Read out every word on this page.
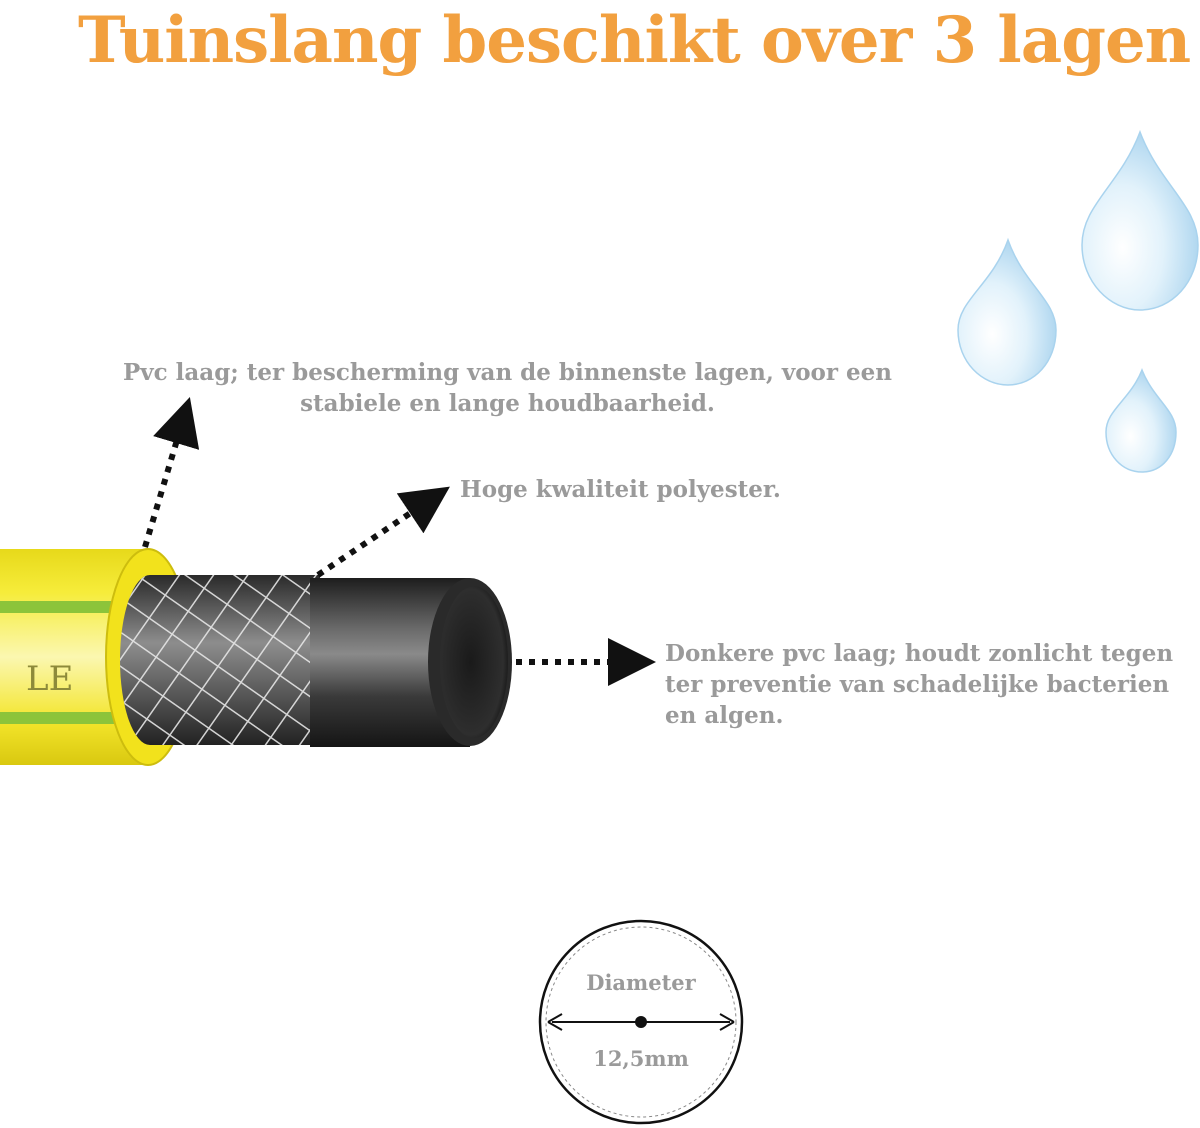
Tuinslang beschikt over 3 lagen
LE

Pvc laag; ter bescherming van de binnenste lagen, voor een stabiele en lange houdbaarheid.

Hoge kwaliteit polyester.

Donkere pvc laag; houdt zonlicht tegen ter preventie van schadelijke bacterien en algen.

Diameter

12,5mm
